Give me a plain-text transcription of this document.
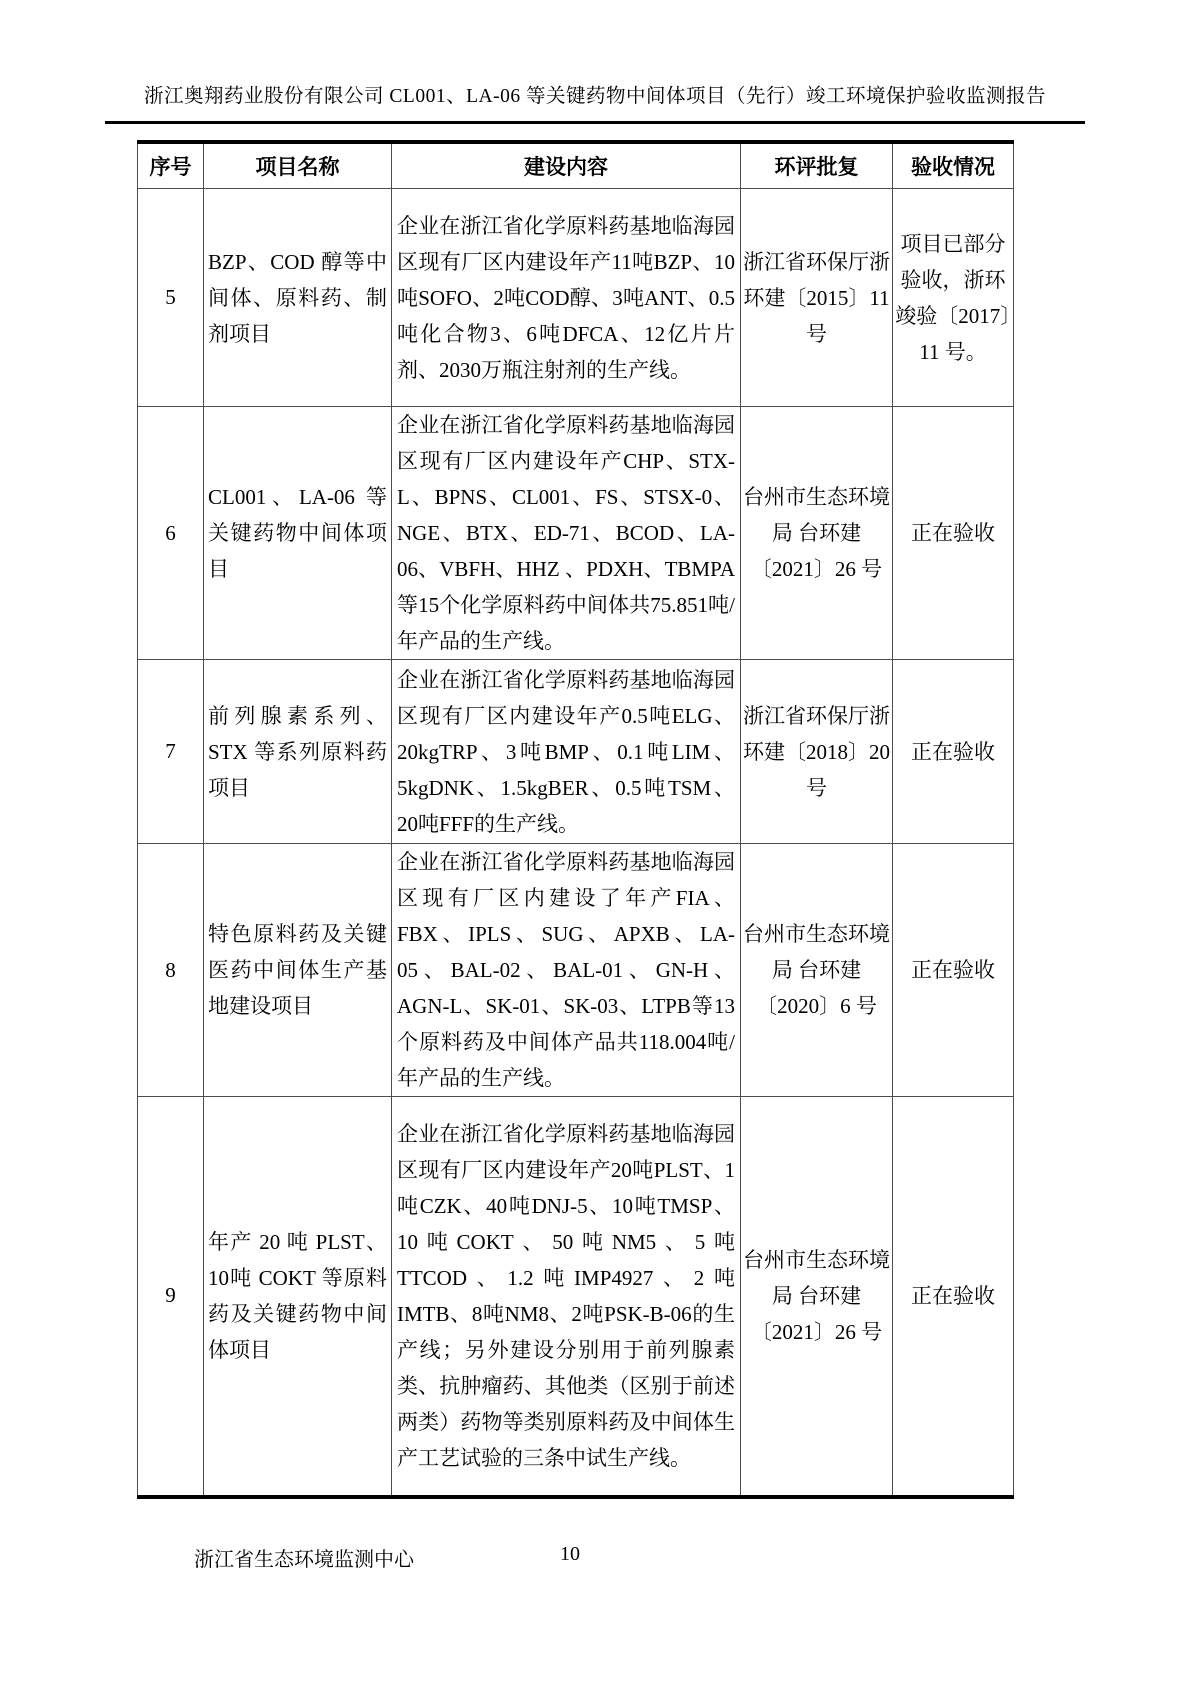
浙江奥翔药业股份有限公司 CL001、LA-06 等关键药物中间体项目（先行）竣工环境保护验收监测报告
序号	项目名称	建设内容	环评批复	验收情况
5	BZP、COD 醇等中间体、原料药、制剂项目	企业在浙江省化学原料药基地临海园区现有厂区内建设年产11吨BZP、10吨SOFO、2吨COD醇、3吨ANT、0.5吨化合物3、6吨DFCA、12亿片片剂、2030万瓶注射剂的生产线。	浙江省环保厅浙环建〔2015〕11 号	项目已部分验收，浙环竣验〔2017〕11 号。
6	CL001、LA-06 等关键药物中间体项目	企业在浙江省化学原料药基地临海园区现有厂区内建设年产CHP、STX-L、BPNS、CL001、FS、STSX-0、NGE、BTX、ED-71、BCOD、LA-06、VBFH、HHZ 、PDXH、TBMPA等15个化学原料药中间体共75.851吨/年产品的生产线。	台州市生态环境局 台环建〔2021〕26 号	正在验收
7	前列腺素系列、STX 等系列原料药项目	企业在浙江省化学原料药基地临海园区现有厂区内建设年产0.5吨ELG、20kgTRP、3吨BMP、0.1吨LIM、5kgDNK、1.5kgBER、0.5吨TSM、20吨FFF的生产线。	浙江省环保厅浙环建〔2018〕20 号	正在验收
8	特色原料药及关键医药中间体生产基地建设项目	企业在浙江省化学原料药基地临海园区现有厂区内建设了年产FIA、FBX、IPLS、SUG、APXB、LA-05、BAL-02、BAL-01、GN-H、AGN-L、SK-01、SK-03、LTPB等13个原料药及中间体产品共118.004吨/年产品的生产线。	台州市生态环境局 台环建〔2020〕6 号	正在验收
9	年产 20 吨 PLST、10吨 COKT 等原料药及关键药物中间体项目	企业在浙江省化学原料药基地临海园区现有厂区内建设年产20吨PLST、1吨CZK、40吨DNJ-5、10吨TMSP、10吨COKT、50吨NM5、5吨TTCOD、1.2吨IMP4927、2吨IMTB、8吨NM8、2吨PSK-B-06的生产线；另外建设分别用于前列腺素类、抗肿瘤药、其他类（区别于前述两类）药物等类别原料药及中间体生产工艺试验的三条中试生产线。	台州市生态环境局 台环建〔2021〕26 号	正在验收
10
浙江省生态环境监测中心
